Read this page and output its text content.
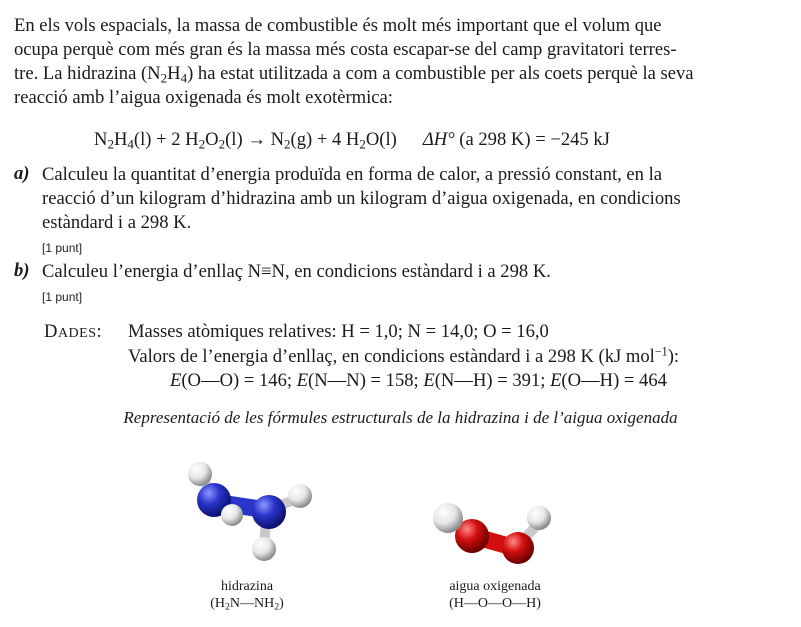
En els vols espacials, la massa de combustible és molt més important que el volum que
ocupa perquè com més gran és la massa més costa escapar-se del camp gravitatori terres-
tre. La hidrazina $(N_2H_4)$ ha estat utilitzada a com a combustible per als coets perquè la seva
reacció amb l’aigua oxigenada és molt exotèrmica:
$N_2H_4(l) + 2$ $H_2O_2(l) \to N_2(g) + 4$ $H_2O(l)$ ΔH° (a 298 K) = −245 kJ
a) Calculeu la quantitat d’energia produïda en forma de calor, a pressió constant, en la
reacció d’un kilogram d’hidrazina amb un kilogram d’aigua oxigenada, en condicions
estàndard i a 298 K.
[1 punt]
b) Calculeu l’energia d’enllaç N≡N, en condicions estàndard i a 298 K.
[1 punt]
DADES: Masses atòmiques relatives: H = 1,0; N = 14,0; O = 16,0
Valors de l’energia d’enllaç, en condicions estàndard i a 298 K (kJ mol$^{-1}$):
E(O—O) = 146; E(N—N) = 158; E(N—H) = 391; E(O—H) = 464
Representació de les fórmules estructurals de la hidrazina i de l’aigua oxigenada
hidrazina
$(H_2N—NH_2)$
aigua oxigenada
(H—O—O—H)
